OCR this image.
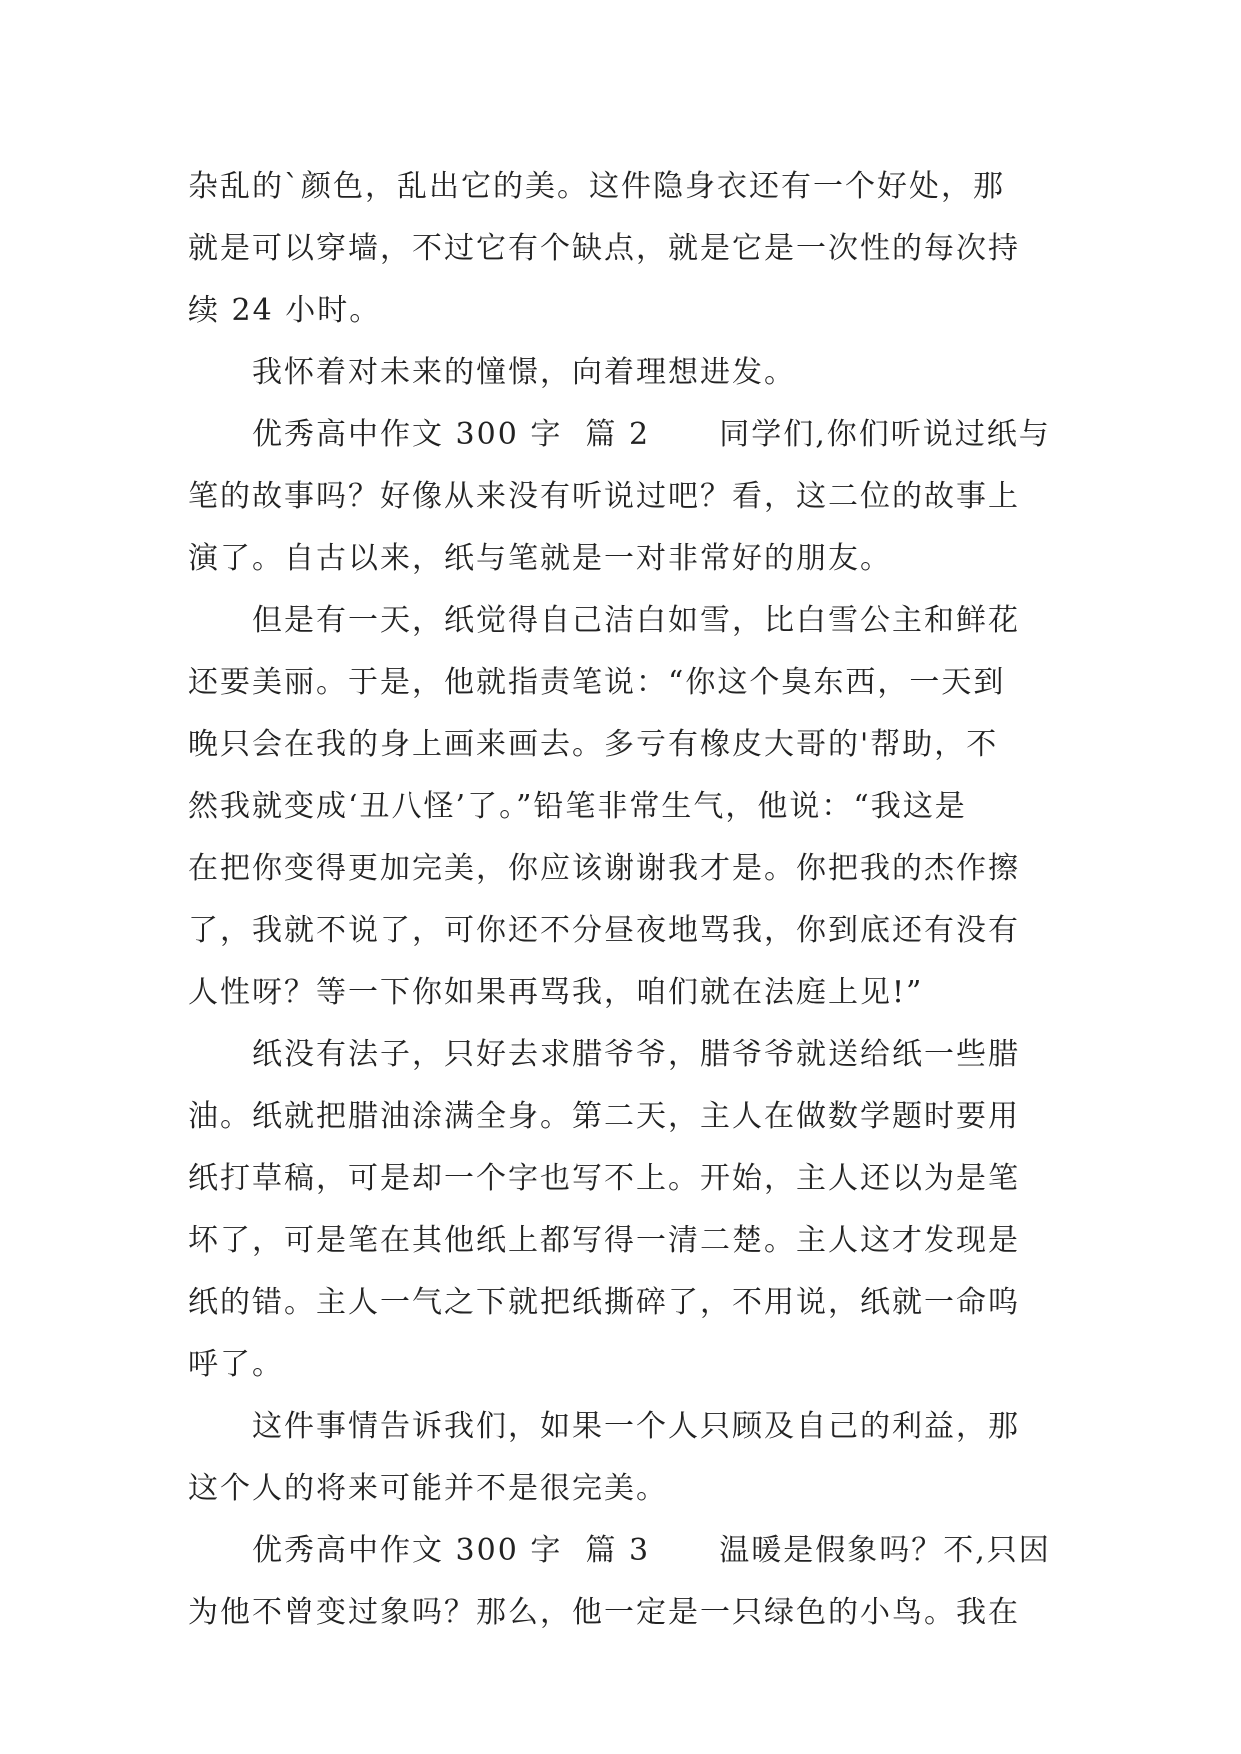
杂乱的`颜色，乱出它的美。这件隐身衣还有一个好处，那
就是可以穿墙，不过它有个缺点，就是它是一次性的每次持
续 24 小时。
我怀着对未来的憧憬，向着理想进发。
优秀高中作文 300 字  篇 2      同学们,你们听说过纸与
笔的故事吗？好像从来没有听说过吧？看，这二位的故事上
演了。自古以来，纸与笔就是一对非常好的朋友。
但是有一天，纸觉得自己洁白如雪，比白雪公主和鲜花
还要美丽。于是，他就指责笔说：“你这个臭东西，一天到
晚只会在我的身上画来画去。多亏有橡皮大哥的'帮助，不
然我就变成‘丑八怪’了。”铅笔非常生气，他说：“我这是
在把你变得更加完美，你应该谢谢我才是。你把我的杰作擦
了，我就不说了，可你还不分昼夜地骂我，你到底还有没有
人性呀？等一下你如果再骂我，咱们就在法庭上见!”
纸没有法子，只好去求腊爷爷，腊爷爷就送给纸一些腊
油。纸就把腊油涂满全身。第二天，主人在做数学题时要用
纸打草稿，可是却一个字也写不上。开始，主人还以为是笔
坏了，可是笔在其他纸上都写得一清二楚。主人这才发现是
纸的错。主人一气之下就把纸撕碎了，不用说，纸就一命呜
呼了。
这件事情告诉我们，如果一个人只顾及自己的利益，那
这个人的将来可能并不是很完美。
优秀高中作文 300 字  篇 3      温暖是假象吗？不,只因
为他不曾变过象吗？那么，他一定是一只绿色的小鸟。我在
